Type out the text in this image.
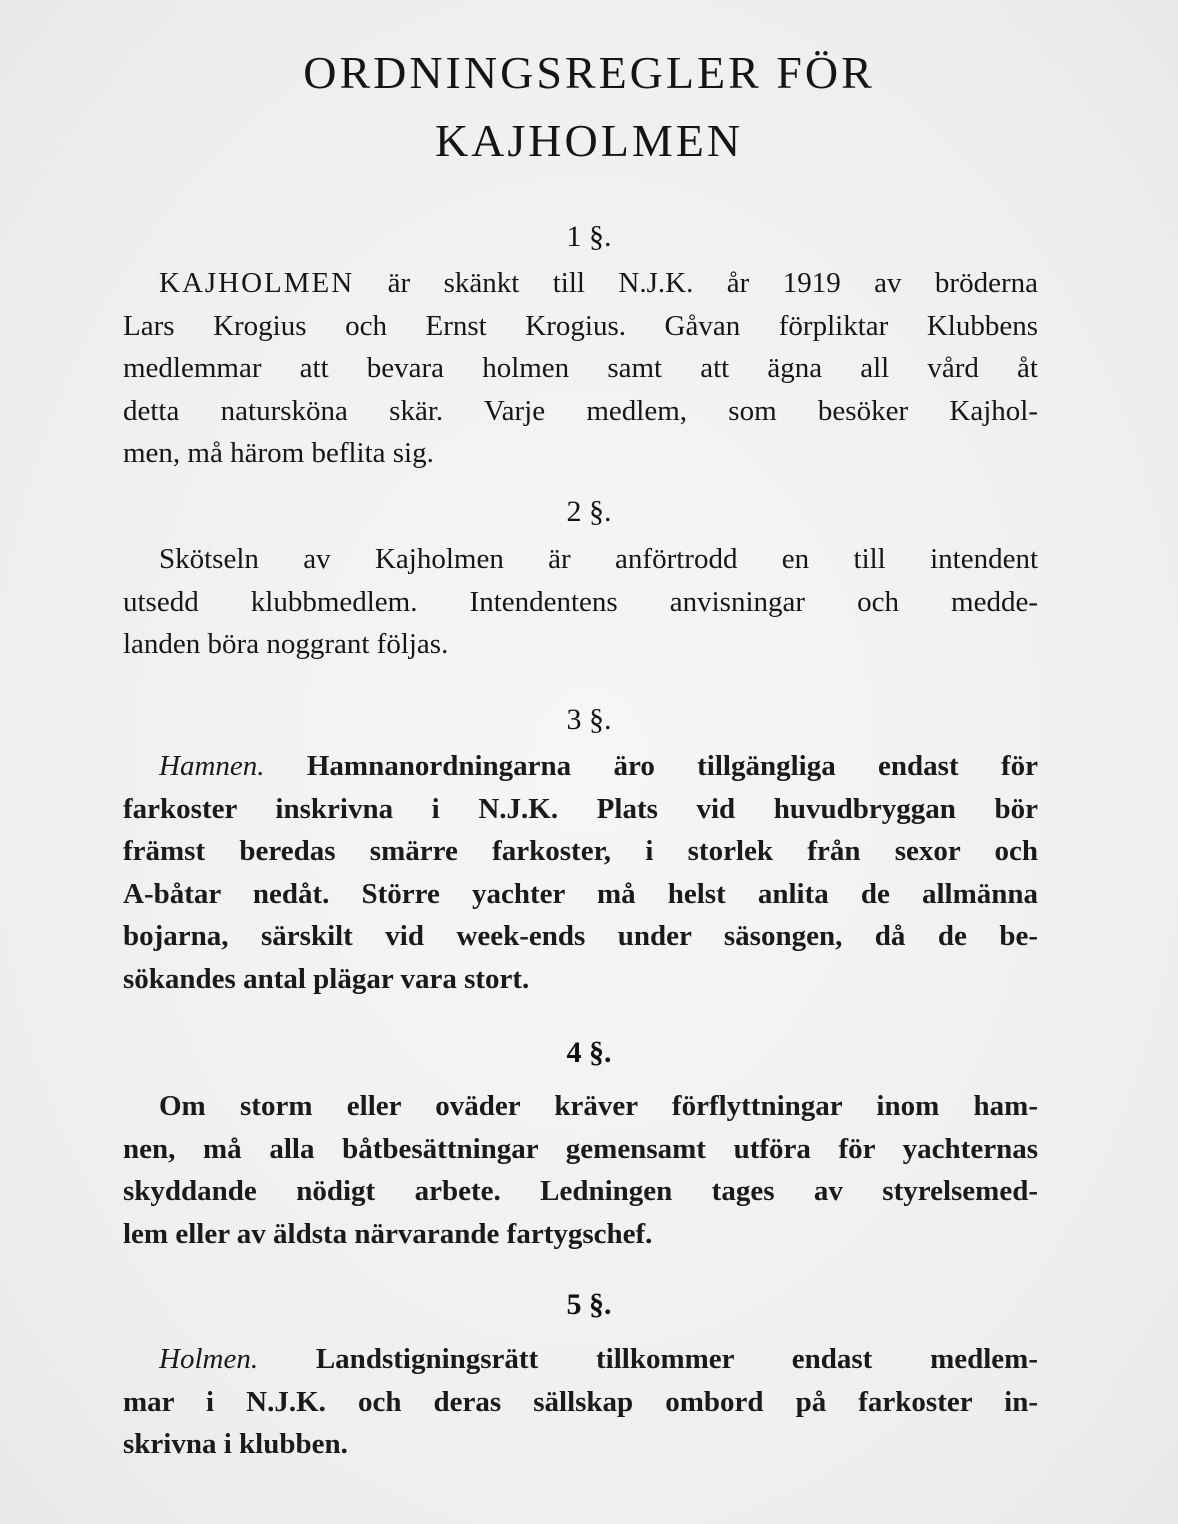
ORDNINGSREGLER FÖR
KAJHOLMEN
1 §.
KAJHOLMEN är skänkt till N.J.K. år 1919 av bröderna
Lars Krogius och Ernst Krogius. Gåvan förpliktar Klubbens
medlemmar att bevara holmen samt att ägna all vård åt
detta natursköna skär. Varje medlem, som besöker Kajhol-
men, må härom beflita sig.
2 §.
Skötseln av Kajholmen är anförtrodd en till intendent
utsedd klubbmedlem. Intendentens anvisningar och medde-
landen böra noggrant följas.
3 §.
Hamnen. Hamnanordningarna äro tillgängliga endast för
farkoster inskrivna i N.J.K. Plats vid huvudbryggan bör
främst beredas smärre farkoster, i storlek från sexor och
A-båtar nedåt. Större yachter må helst anlita de allmänna
bojarna, särskilt vid week-ends under säsongen, då de be-
sökandes antal plägar vara stort.
4 §.
Om storm eller oväder kräver förflyttningar inom ham-
nen, må alla båtbesättningar gemensamt utföra för yachternas
skyddande nödigt arbete. Ledningen tages av styrelsemed-
lem eller av äldsta närvarande fartygschef.
5 §.
Holmen. Landstigningsrätt tillkommer endast medlem-
mar i N.J.K. och deras sällskap ombord på farkoster in-
skrivna i klubben.
